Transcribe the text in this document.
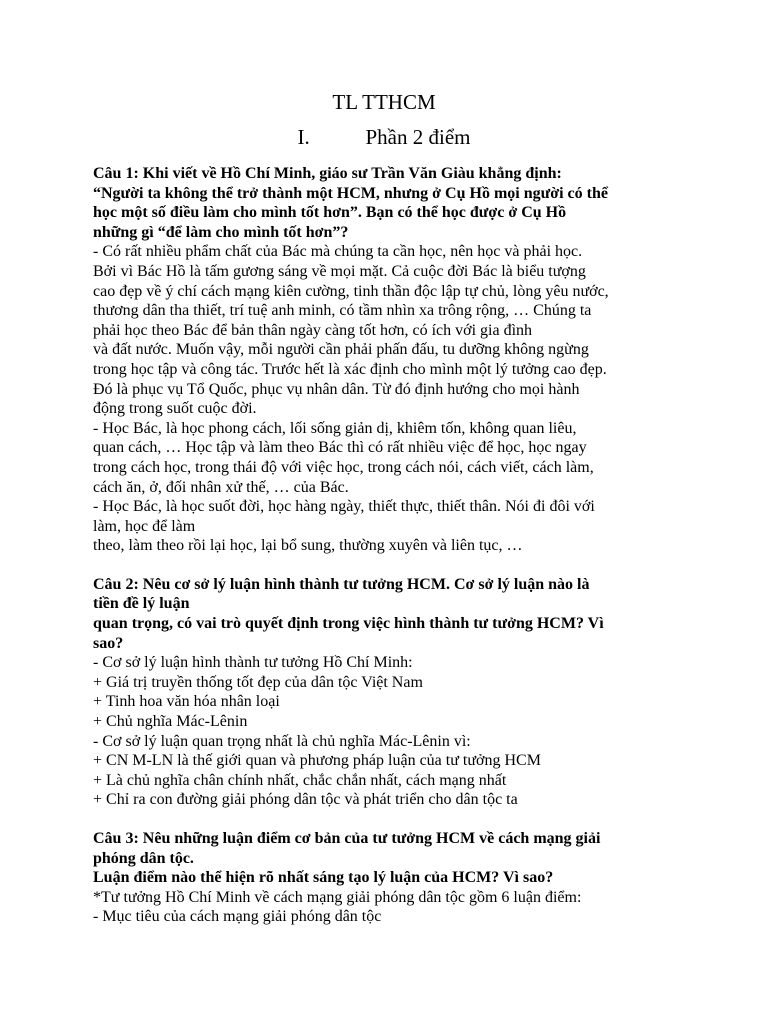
TL TTHCM
I.	Phần 2 điểm
Câu 1: Khi viết về Hồ Chí Minh, giáo sư Trần Văn Giàu khẳng định:
“Người ta không thể trở thành một HCM, nhưng ở Cụ Hồ mọi người có thể
học một số điều làm cho mình tốt hơn”. Bạn có thể học được ở Cụ Hồ
những gì “để làm cho mình tốt hơn”?
- Có rất nhiều phẩm chất của Bác mà chúng ta cần học, nên học và phải học.
Bởi vì Bác Hồ là tấm gương sáng về mọi mặt. Cả cuộc đời Bác là biểu tượng
cao đẹp về ý chí cách mạng kiên cường, tinh thần độc lập tự chủ, lòng yêu nước,
thương dân tha thiết, trí tuệ anh minh, có tầm nhìn xa trông rộng, … Chúng ta
phải học theo Bác để bản thân ngày càng tốt hơn, có ích với gia đình
và đất nước. Muốn vậy, mỗi người cần phải phấn đấu, tu dưỡng không ngừng
trong học tập và công tác. Trước hết là xác định cho mình một lý tưởng cao đẹp.
Đó là phục vụ Tổ Quốc, phục vụ nhân dân. Từ đó định hướng cho mọi hành
động trong suốt cuộc đời.
- Học Bác, là học phong cách, lối sống giản dị, khiêm tốn, không quan liêu,
quan cách, … Học tập và làm theo Bác thì có rất nhiều việc để học, học ngay
trong cách học, trong thái độ với việc học, trong cách nói, cách viết, cách làm,
cách ăn, ở, đối nhân xử thế, … của Bác.
- Học Bác, là học suốt đời, học hàng ngày, thiết thực, thiết thân. Nói đi đôi với
làm, học để làm
theo, làm theo rồi lại học, lại bổ sung, thường xuyên và liên tục, …
Câu 2: Nêu cơ sở lý luận hình thành tư tưởng HCM. Cơ sở lý luận nào là
tiền đề lý luận
quan trọng, có vai trò quyết định trong việc hình thành tư tưởng HCM? Vì
sao?
- Cơ sở lý luận hình thành tư tưởng Hồ Chí Minh:
+ Giá trị truyền thống tốt đẹp của dân tộc Việt Nam
+ Tinh hoa văn hóa nhân loại
+ Chủ nghĩa Mác-Lênin
- Cơ sở lý luận quan trọng nhất là chủ nghĩa Mác-Lênin vì:
+ CN M-LN là thế giới quan và phương pháp luận của tư tưởng HCM
+ Là chủ nghĩa chân chính nhất, chắc chắn nhất, cách mạng nhất
+ Chỉ ra con đường giải phóng dân tộc và phát triển cho dân tộc ta
Câu 3: Nêu những luận điểm cơ bản của tư tưởng HCM về cách mạng giải
phóng dân tộc.
Luận điểm nào thể hiện rõ nhất sáng tạo lý luận của HCM? Vì sao?
*Tư tưởng Hồ Chí Minh về cách mạng giải phóng dân tộc gồm 6 luận điểm:
- Mục tiêu của cách mạng giải phóng dân tộc
